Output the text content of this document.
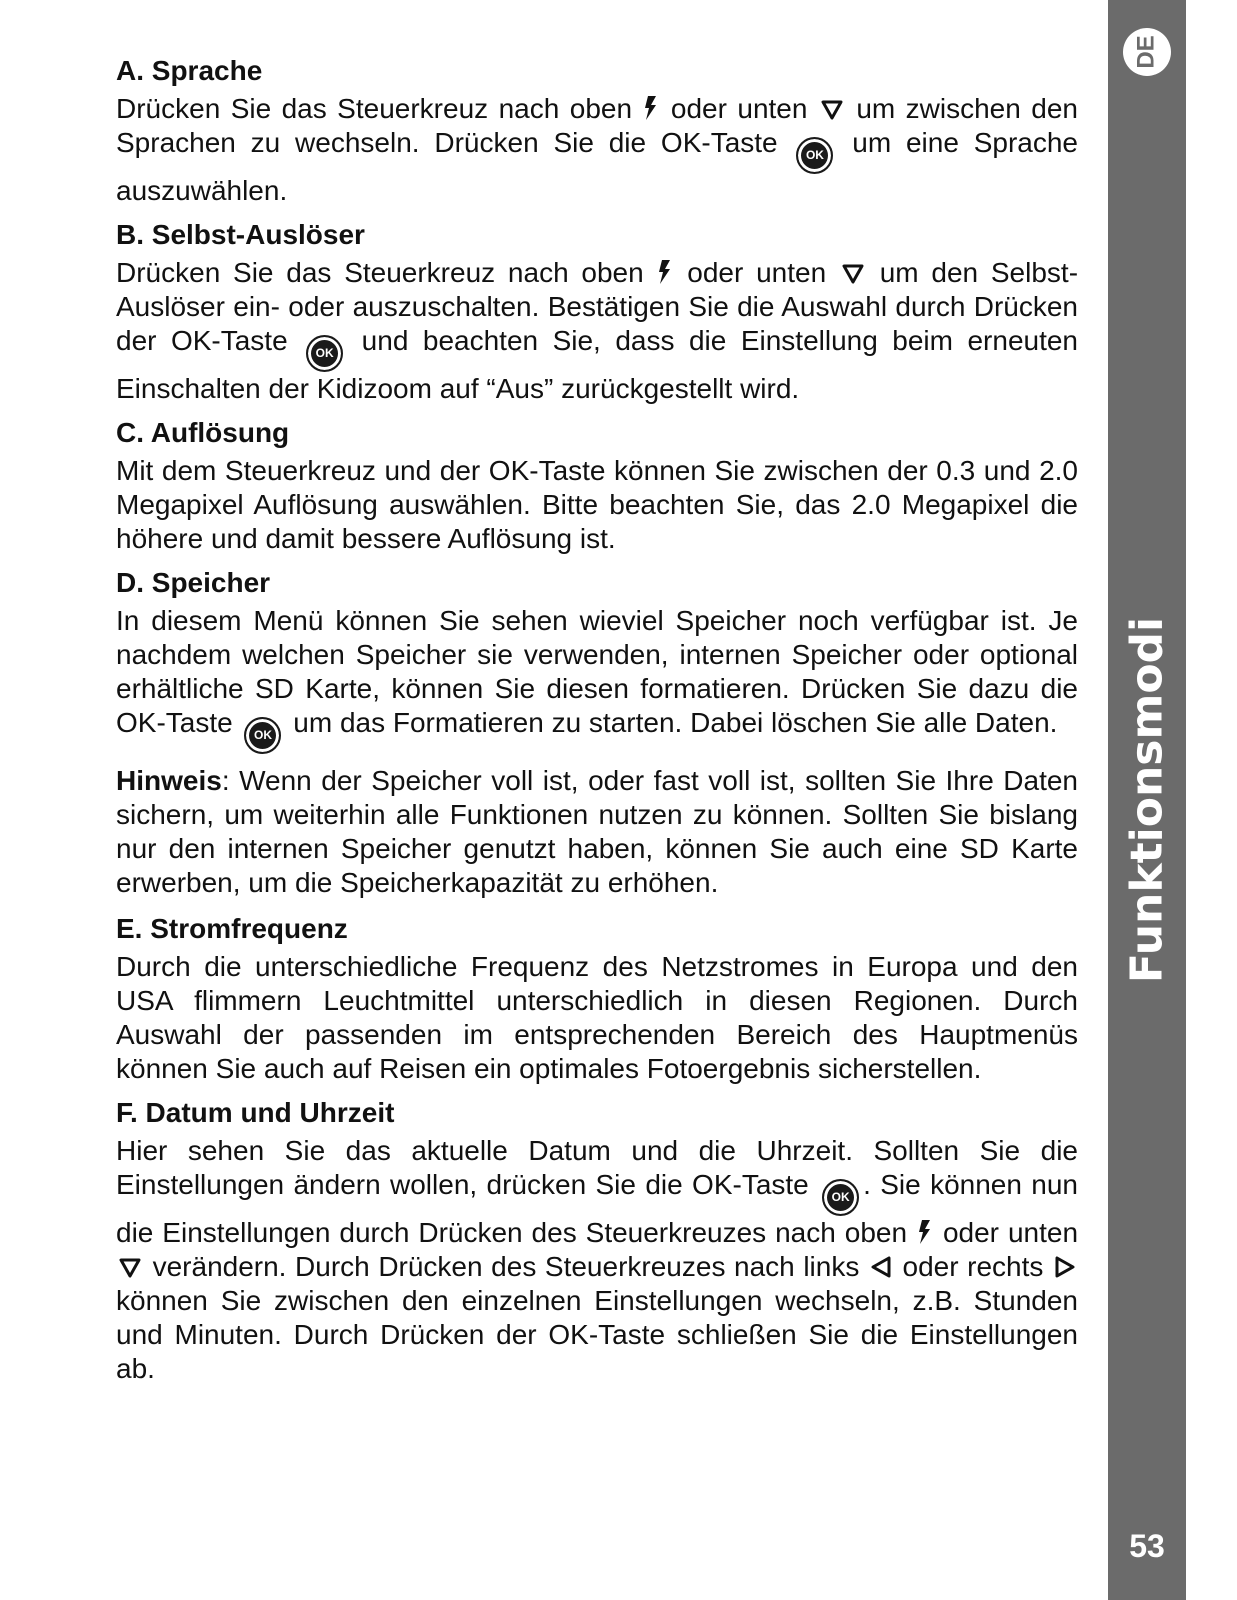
A. Sprache

Drücken Sie das Steuerkreuz nach oben oder unten um zwischen den Sprachen zu wechseln. Drücken Sie die OK-Taste OK um eine Sprache auszuwählen.

B. Selbst-Auslöser

Drücken Sie das Steuerkreuz nach oben oder unten um den Selbst-Auslöser ein- oder auszuschalten. Bestätigen Sie die Auswahl durch Drücken der OK-Taste OK und beachten Sie, dass die Einstellung beim erneuten Einschalten der Kidizoom auf “Aus” zurückgestellt wird.

C. Auflösung

Mit dem Steuerkreuz und der OK-Taste können Sie zwischen der 0.3 und 2.0 Megapixel Auflösung auswählen. Bitte beachten Sie, das 2.0 Megapixel die höhere und damit bessere Auflösung ist.

D. Speicher

In diesem Menü können Sie sehen wieviel Speicher noch verfügbar ist. Je nachdem welchen Speicher sie verwenden, internen Speicher oder optional erhältliche SD Karte, können Sie diesen formatieren. Drücken Sie dazu die OK-Taste OK um das Formatieren zu starten. Dabei löschen Sie alle Daten.

Hinweis: Wenn der Speicher voll ist, oder fast voll ist, sollten Sie Ihre Daten sichern, um weiterhin alle Funktionen nutzen zu können. Sollten Sie bislang nur den internen Speicher genutzt haben, können Sie auch eine SD Karte erwerben, um die Speicherkapazität zu erhöhen.

E. Stromfrequenz

Durch die unterschiedliche Frequenz des Netzstromes in Europa und den USA flimmern Leuchtmittel unterschiedlich in diesen Regionen. Durch Auswahl der passenden im entsprechenden Bereich des Hauptmenüs können Sie auch auf Reisen ein optimales Fotoergebnis sicherstellen.

F. Datum und Uhrzeit

Hier sehen Sie das aktuelle Datum und die Uhrzeit. Sollten Sie die Einstellungen ändern wollen, drücken Sie die OK-Taste OK . Sie können nun die Einstellungen durch Drücken des Steuerkreuzes nach oben oder unten  verändern. Durch Drücken des Steuerkreuzes nach links oder rechts  können Sie zwischen den einzelnen Einstellungen wechseln, z.B. Stunden und Minuten. Durch Drücken der OK-Taste schließen Sie die Einstellungen ab.

DE
Funktionsmodi
53
